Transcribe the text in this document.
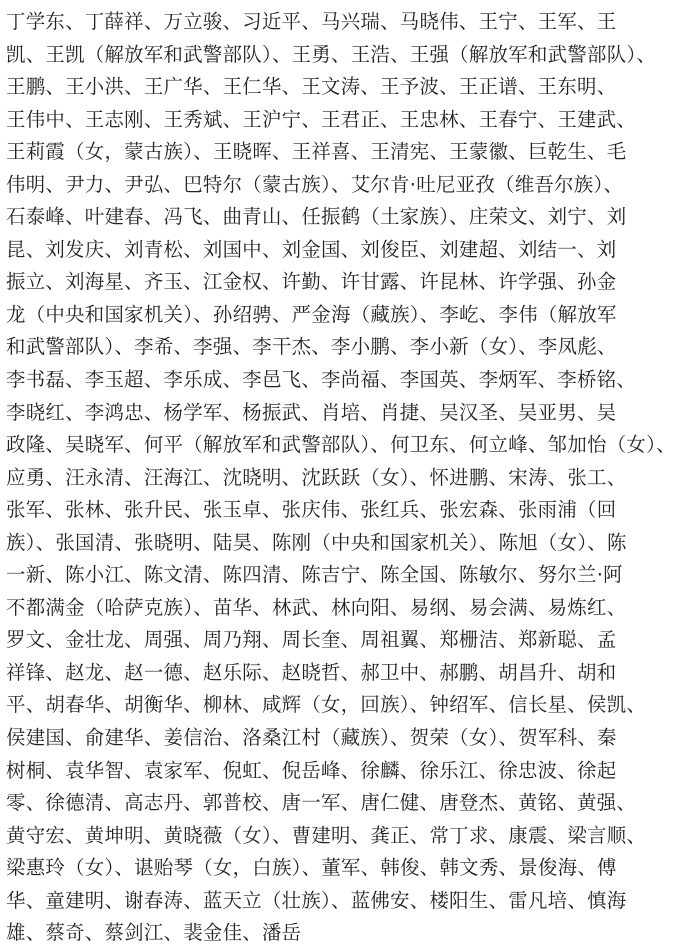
丁学东、丁薛祥、万立骏、习近平、马兴瑞、马晓伟、王宁、王军、王
凯、王凯（解放军和武警部队）、王勇、王浩、王强（解放军和武警部队）、
王鹏、王小洪、王广华、王仁华、王文涛、王予波、王正谱、王东明、
王伟中、王志刚、王秀斌、王沪宁、王君正、王忠林、王春宁、王建武、
王莉霞（女，蒙古族）、王晓晖、王祥喜、王清宪、王蒙徽、巨乾生、毛
伟明、尹力、尹弘、巴特尔（蒙古族）、艾尔肯·吐尼亚孜（维吾尔族）、
石泰峰、叶建春、冯飞、曲青山、任振鹤（土家族）、庄荣文、刘宁、刘
昆、刘发庆、刘青松、刘国中、刘金国、刘俊臣、刘建超、刘结一、刘
振立、刘海星、齐玉、江金权、许勤、许甘露、许昆林、许学强、孙金
龙（中央和国家机关）、孙绍骋、严金海（藏族）、李屹、李伟（解放军
和武警部队）、李希、李强、李干杰、李小鹏、李小新（女）、李凤彪、
李书磊、李玉超、李乐成、李邑飞、李尚福、李国英、李炳军、李桥铭、
李晓红、李鸿忠、杨学军、杨振武、肖培、肖捷、吴汉圣、吴亚男、吴
政隆、吴晓军、何平（解放军和武警部队）、何卫东、何立峰、邹加怡（女）、
应勇、汪永清、汪海江、沈晓明、沈跃跃（女）、怀进鹏、宋涛、张工、
张军、张林、张升民、张玉卓、张庆伟、张红兵、张宏森、张雨浦（回
族）、张国清、张晓明、陆昊、陈刚（中央和国家机关）、陈旭（女）、陈
一新、陈小江、陈文清、陈四清、陈吉宁、陈全国、陈敏尔、努尔兰·阿
不都满金（哈萨克族）、苗华、林武、林向阳、易纲、易会满、易炼红、
罗文、金壮龙、周强、周乃翔、周长奎、周祖翼、郑栅洁、郑新聪、孟
祥锋、赵龙、赵一德、赵乐际、赵晓哲、郝卫中、郝鹏、胡昌升、胡和
平、胡春华、胡衡华、柳林、咸辉（女，回族）、钟绍军、信长星、侯凯、
侯建国、俞建华、姜信治、洛桑江村（藏族）、贺荣（女）、贺军科、秦
树桐、袁华智、袁家军、倪虹、倪岳峰、徐麟、徐乐江、徐忠波、徐起
零、徐德清、高志丹、郭普校、唐一军、唐仁健、唐登杰、黄铭、黄强、
黄守宏、黄坤明、黄晓薇（女）、曹建明、龚正、常丁求、康震、梁言顺、
梁惠玲（女）、谌贻琴（女，白族）、董军、韩俊、韩文秀、景俊海、傅
华、童建明、谢春涛、蓝天立（壮族）、蓝佛安、楼阳生、雷凡培、慎海
雄、蔡奇、蔡剑江、裴金佳、潘岳
